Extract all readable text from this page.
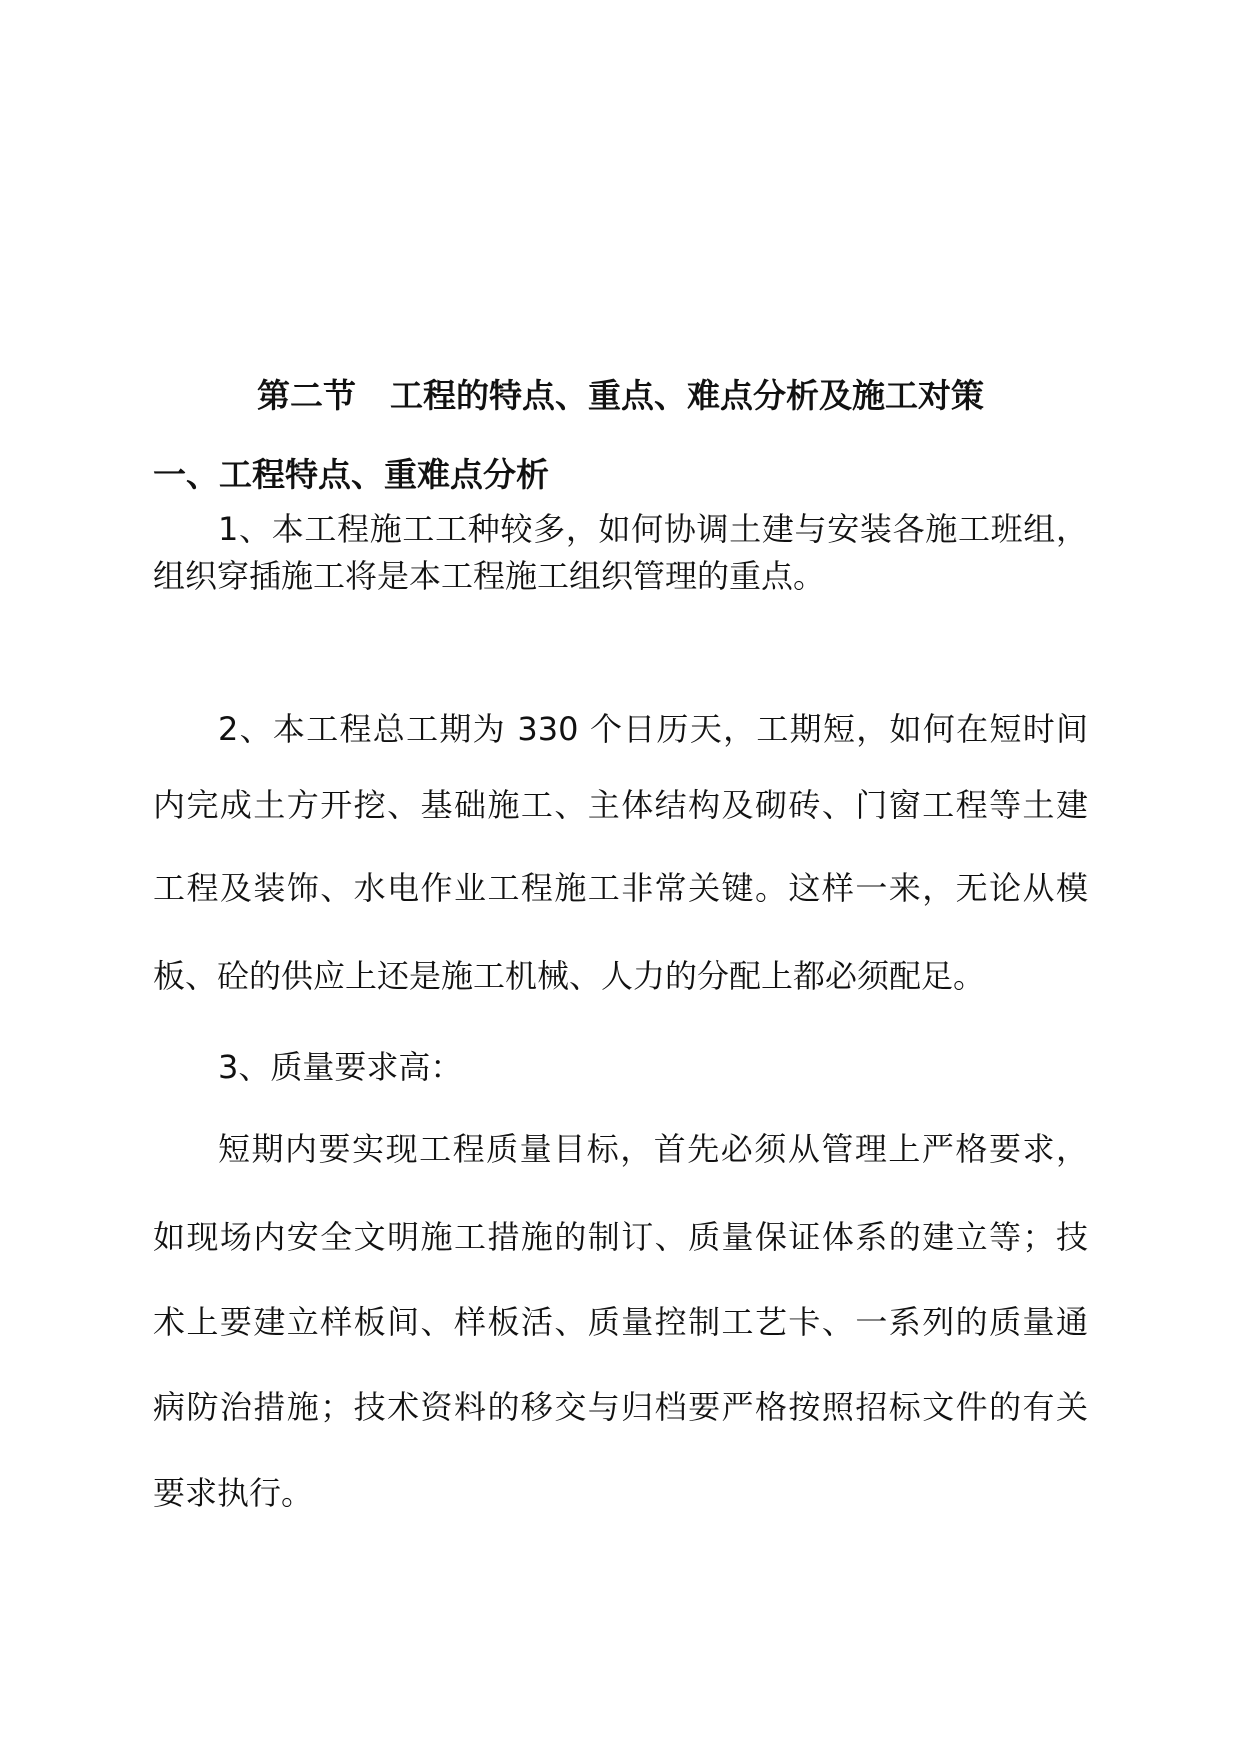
第二节 工程的特点、重点、难点分析及施工对策
一、工程特点、重难点分析
1、本工程施工工种较多，如何协调土建与安装各施工班组，
组织穿插施工将是本工程施工组织管理的重点。
2、本工程总工期为 330 个日历天，工期短，如何在短时间
内完成土方开挖、基础施工、主体结构及砌砖、门窗工程等土建
工程及装饰、水电作业工程施工非常关键。这样一来，无论从模
板、砼的供应上还是施工机械、人力的分配上都必须配足。
3、质量要求高：
短期内要实现工程质量目标，首先必须从管理上严格要求，
如现场内安全文明施工措施的制订、质量保证体系的建立等；技
术上要建立样板间、样板活、质量控制工艺卡、一系列的质量通
病防治措施；技术资料的移交与归档要严格按照招标文件的有关
要求执行。
